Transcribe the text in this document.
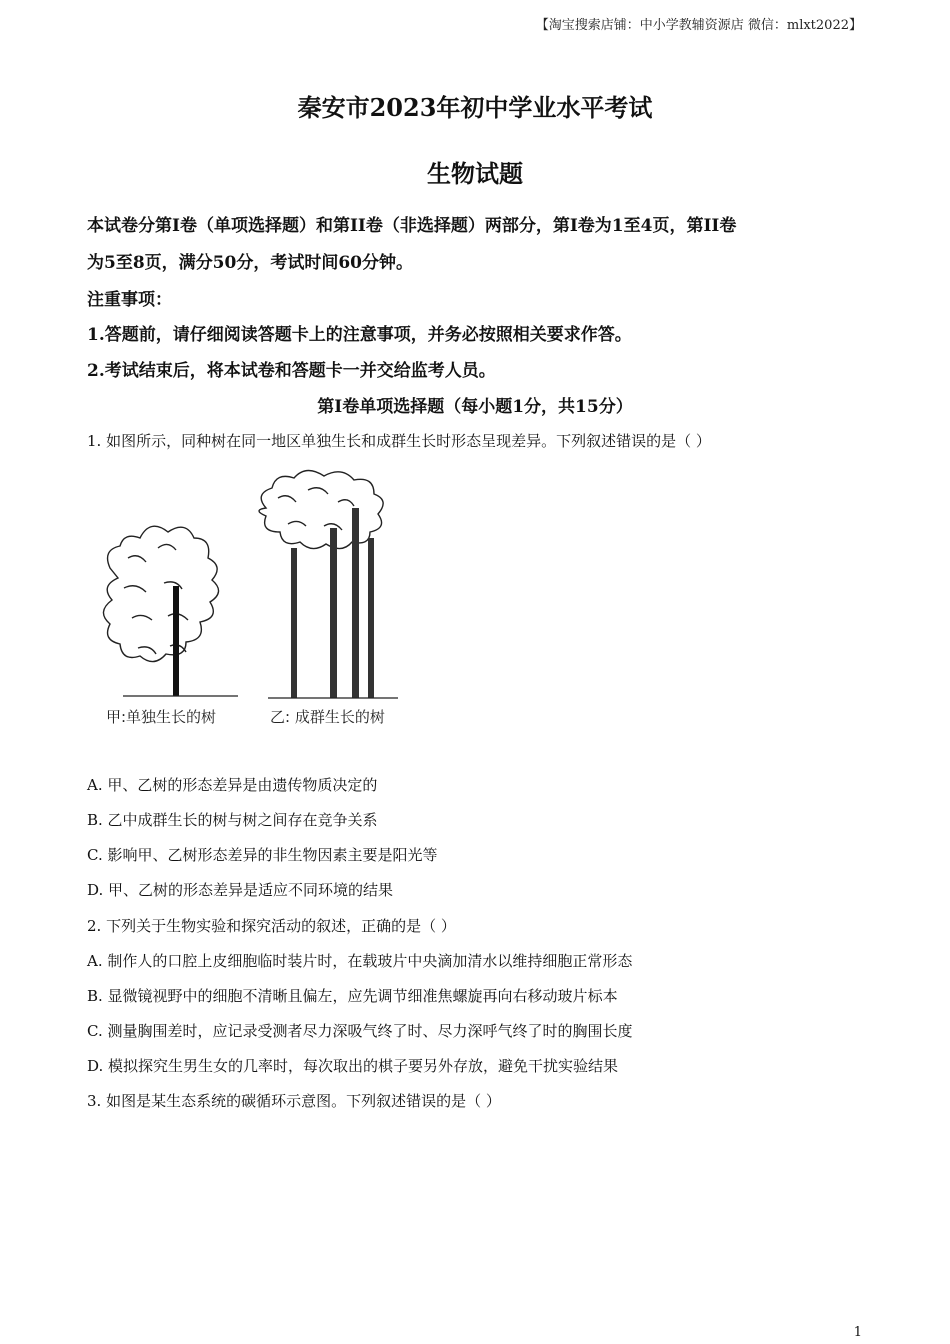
【淘宝搜索店铺：中小学教辅资源店 微信：mlxt2022】
秦安市2023年初中学业水平考试
生物试题
本试卷分第I卷（单项选择题）和第II卷（非选择题）两部分，第I卷为1至4页，第II卷
为5至8页，满分50分，考试时间60分钟。
注重事项：
1.答题前，请仔细阅读答题卡上的注意事项，并务必按照相关要求作答。
2.考试结束后，将本试卷和答题卡一并交给监考人员。
第I卷单项选择题（每小题1分，共15分）
1. 如图所示，同种树在同一地区单独生长和成群生长时形态呈现差异。下列叙述错误的是（ ）
甲:单独生长的树	乙: 成群生长的树
A. 甲、乙树的形态差异是由遗传物质决定的
B. 乙中成群生长的树与树之间存在竞争关系
C. 影响甲、乙树形态差异的非生物因素主要是阳光等
D. 甲、乙树的形态差异是适应不同环境的结果
2. 下列关于生物实验和探究活动的叙述，正确的是（ ）
A. 制作人的口腔上皮细胞临时装片时，在载玻片中央滴加清水以维持细胞正常形态
B. 显微镜视野中的细胞不清晰且偏左，应先调节细准焦螺旋再向右移动玻片标本
C. 测量胸围差时，应记录受测者尽力深吸气终了时、尽力深呼气终了时的胸围长度
D. 模拟探究生男生女的几率时，每次取出的棋子要另外存放，避免干扰实验结果
3. 如图是某生态系统的碳循环示意图。下列叙述错误的是（ ）
1
